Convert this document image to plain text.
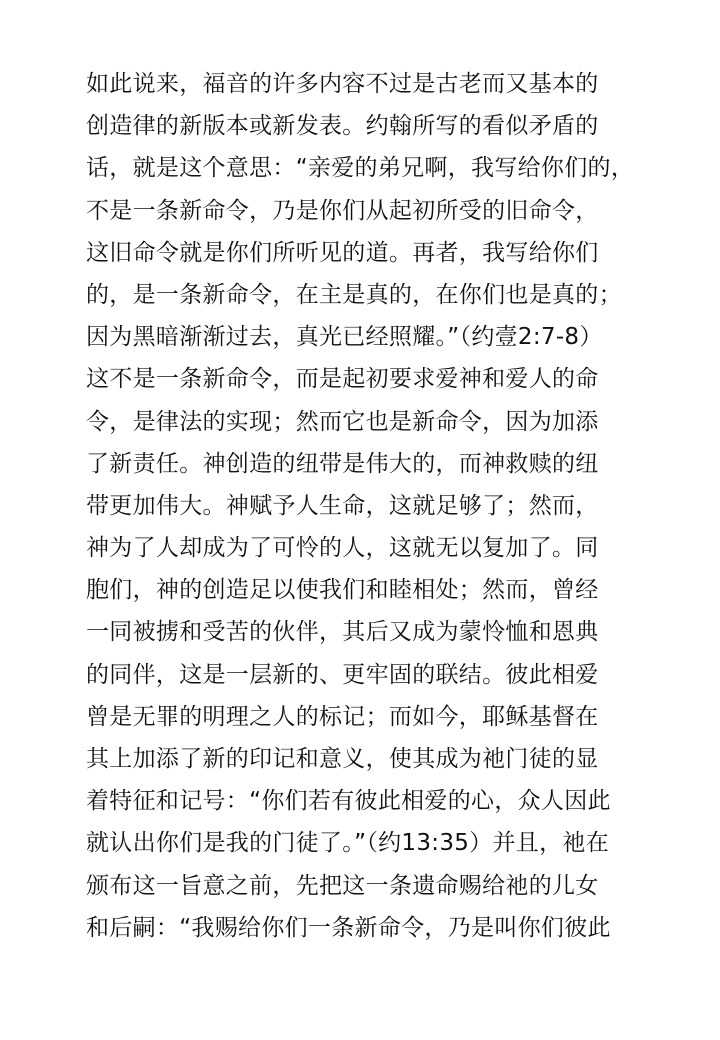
如此说来，福音的许多内容不过是古老而又基本的
创造律的新版本或新发表。约翰所写的看似矛盾的
话，就是这个意思：“亲爱的弟兄啊，我写给你们的，
不是一条新命令，乃是你们从起初所受的旧命令，
这旧命令就是你们所听见的道。再者，我写给你们
的，是一条新命令，在主是真的，在你们也是真的；
因为黑暗渐渐过去，真光已经照耀。”（约壹2:7-8）
这不是一条新命令，而是起初要求爱神和爱人的命
令，是律法的实现；然而它也是新命令，因为加添
了新责任。神创造的纽带是伟大的，而神救赎的纽
带更加伟大。神赋予人生命，这就足够了；然而，
神为了人却成为了可怜的人，这就无以复加了。同
胞们，神的创造足以使我们和睦相处；然而，曾经
一同被掳和受苦的伙伴，其后又成为蒙怜恤和恩典
的同伴，这是一层新的、更牢固的联结。彼此相爱
曾是无罪的明理之人的标记；而如今，耶稣基督在
其上加添了新的印记和意义，使其成为祂门徒的显
着特征和记号：“你们若有彼此相爱的心，众人因此
就认出你们是我的门徒了。”（约13:35）并且，祂在
颁布这一旨意之前，先把这一条遗命赐给祂的儿女
和后嗣：“我赐给你们一条新命令，乃是叫你们彼此
